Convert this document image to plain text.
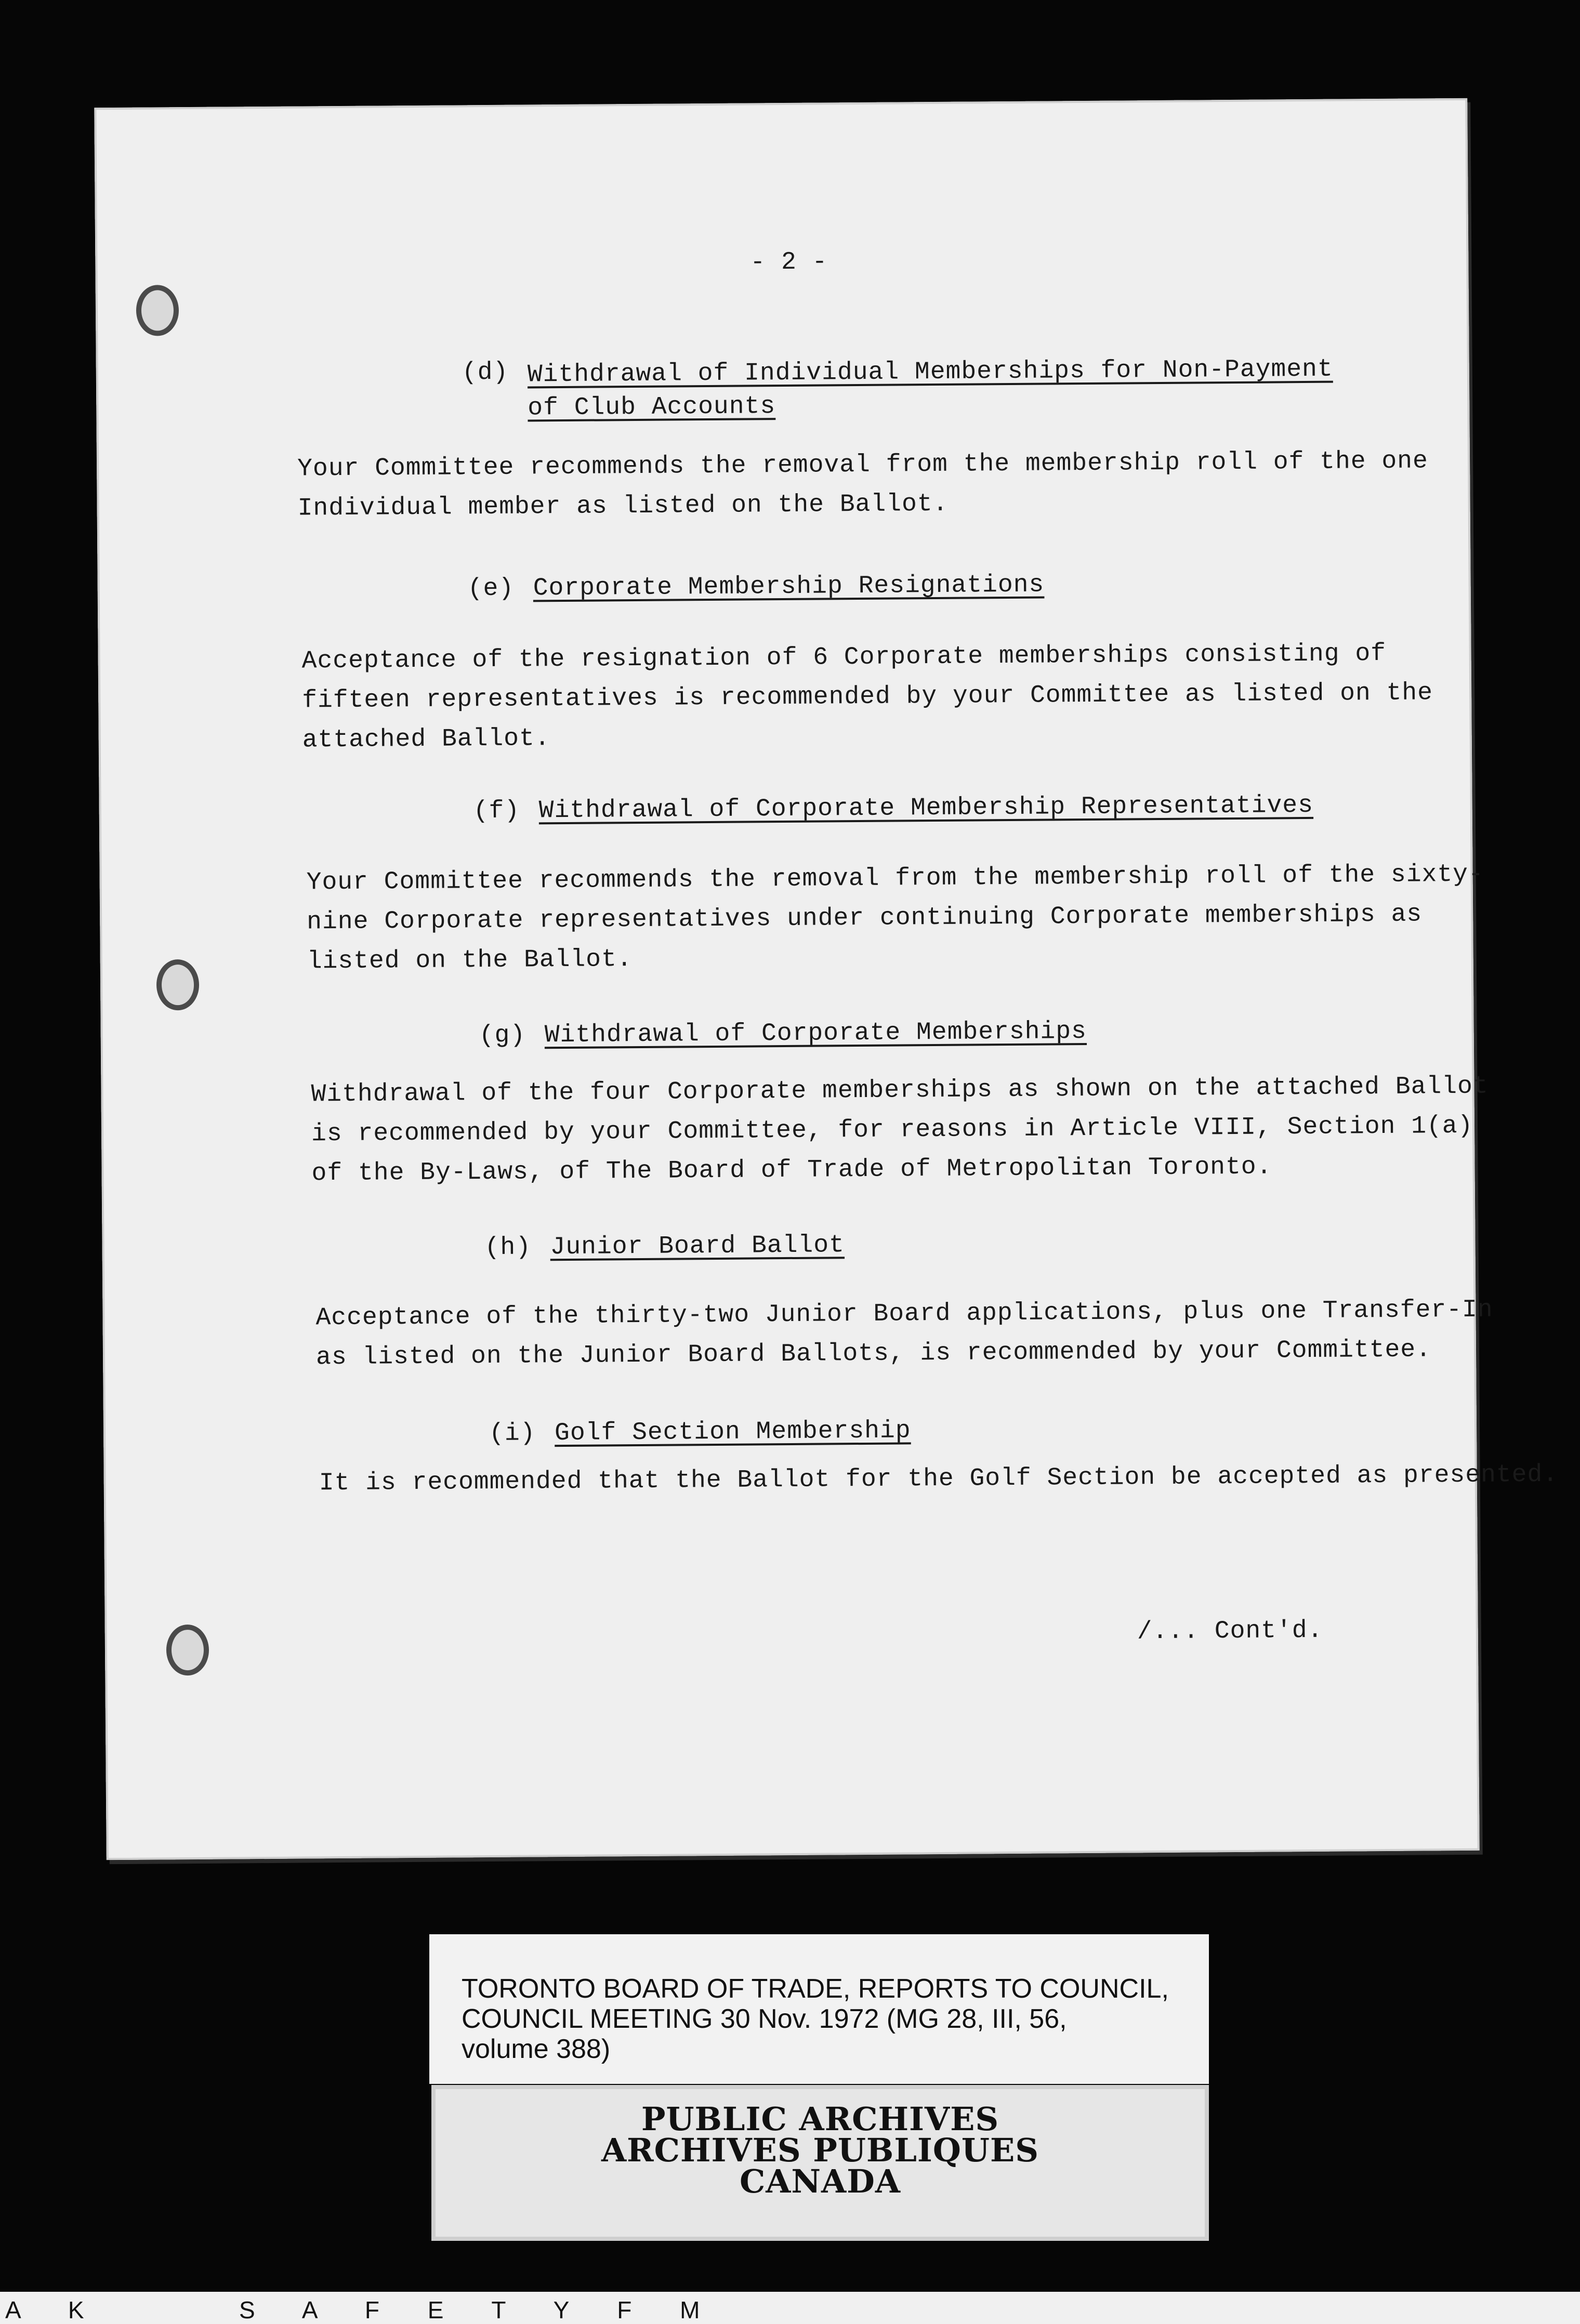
- 2 -
(d) Withdrawal of Individual Memberships for Non-Payment
of Club Accounts
Your Committee recommends the removal from the membership roll of the one
Individual member as listed on the Ballot.
(e) Corporate Membership Resignations
Acceptance of the resignation of 6 Corporate memberships consisting of
fifteen representatives is recommended by your Committee as listed on the
attached Ballot.
(f) Withdrawal of Corporate Membership Representatives
Your Committee recommends the removal from the membership roll of the sixty-
nine Corporate representatives under continuing Corporate memberships as
listed on the Ballot.
(g) Withdrawal of Corporate Memberships
Withdrawal of the four Corporate memberships as shown on the attached Ballot
is recommended by your Committee, for reasons in Article VIII, Section 1(a)
of the By-Laws, of The Board of Trade of Metropolitan Toronto.
(h) Junior Board Ballot
Acceptance of the thirty-two Junior Board applications, plus one Transfer-In
as listed on the Junior Board Ballots, is recommended by your Committee.
(i) Golf Section Membership
It is recommended that the Ballot for the Golf Section be accepted as presented.
/... Cont'd.
TORONTO BOARD OF TRADE, REPORTS TO COUNCIL,
COUNCIL MEETING 30 Nov. 1972 (MG 28, III, 56,
volume 388)
PUBLIC ARCHIVES
ARCHIVES PUBLIQUES
CANADA
A K	S A F E T Y F M
